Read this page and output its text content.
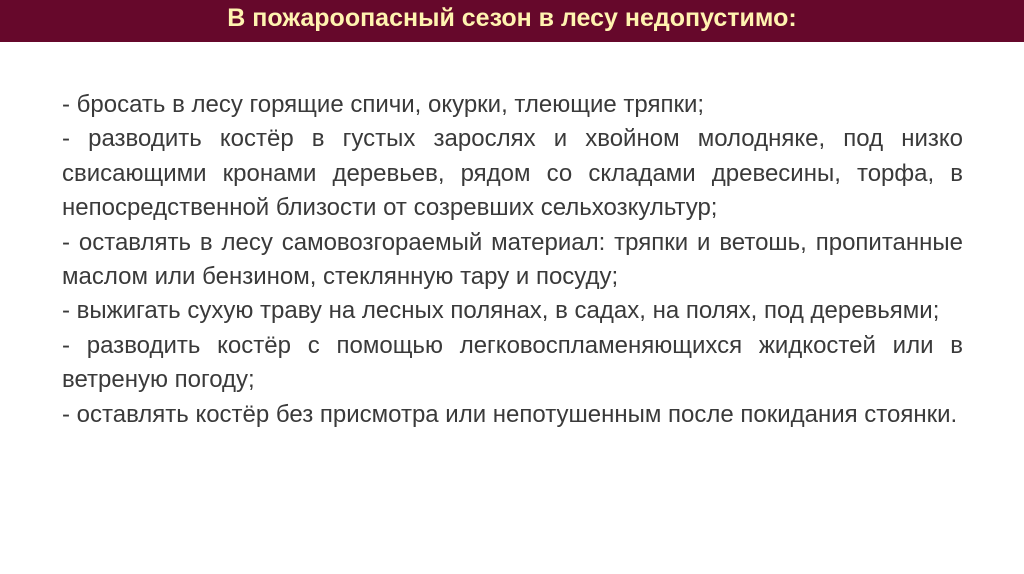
В пожароопасный сезон в лесу недопустимо:

- бросать в лесу горящие спичи, окурки, тлеющие тряпки;

- разводить костёр в густых зарослях и хвойном молодняке, под низко свисающими кронами деревьев, рядом со складами древесины, торфа, в непосредственной близости от созревших сельхозкультур;

- оставлять в лесу самовозгораемый материал: тряпки и ветошь, пропитанные маслом или бензином, стеклянную тару и посуду;

- выжигать сухую траву на лесных полянах, в садах, на полях, под деревьями;

- разводить костёр с помощью легковоспламеняющихся жидкостей или в ветреную погоду;

- оставлять костёр без присмотра или непотушенным после покидания стоянки.
